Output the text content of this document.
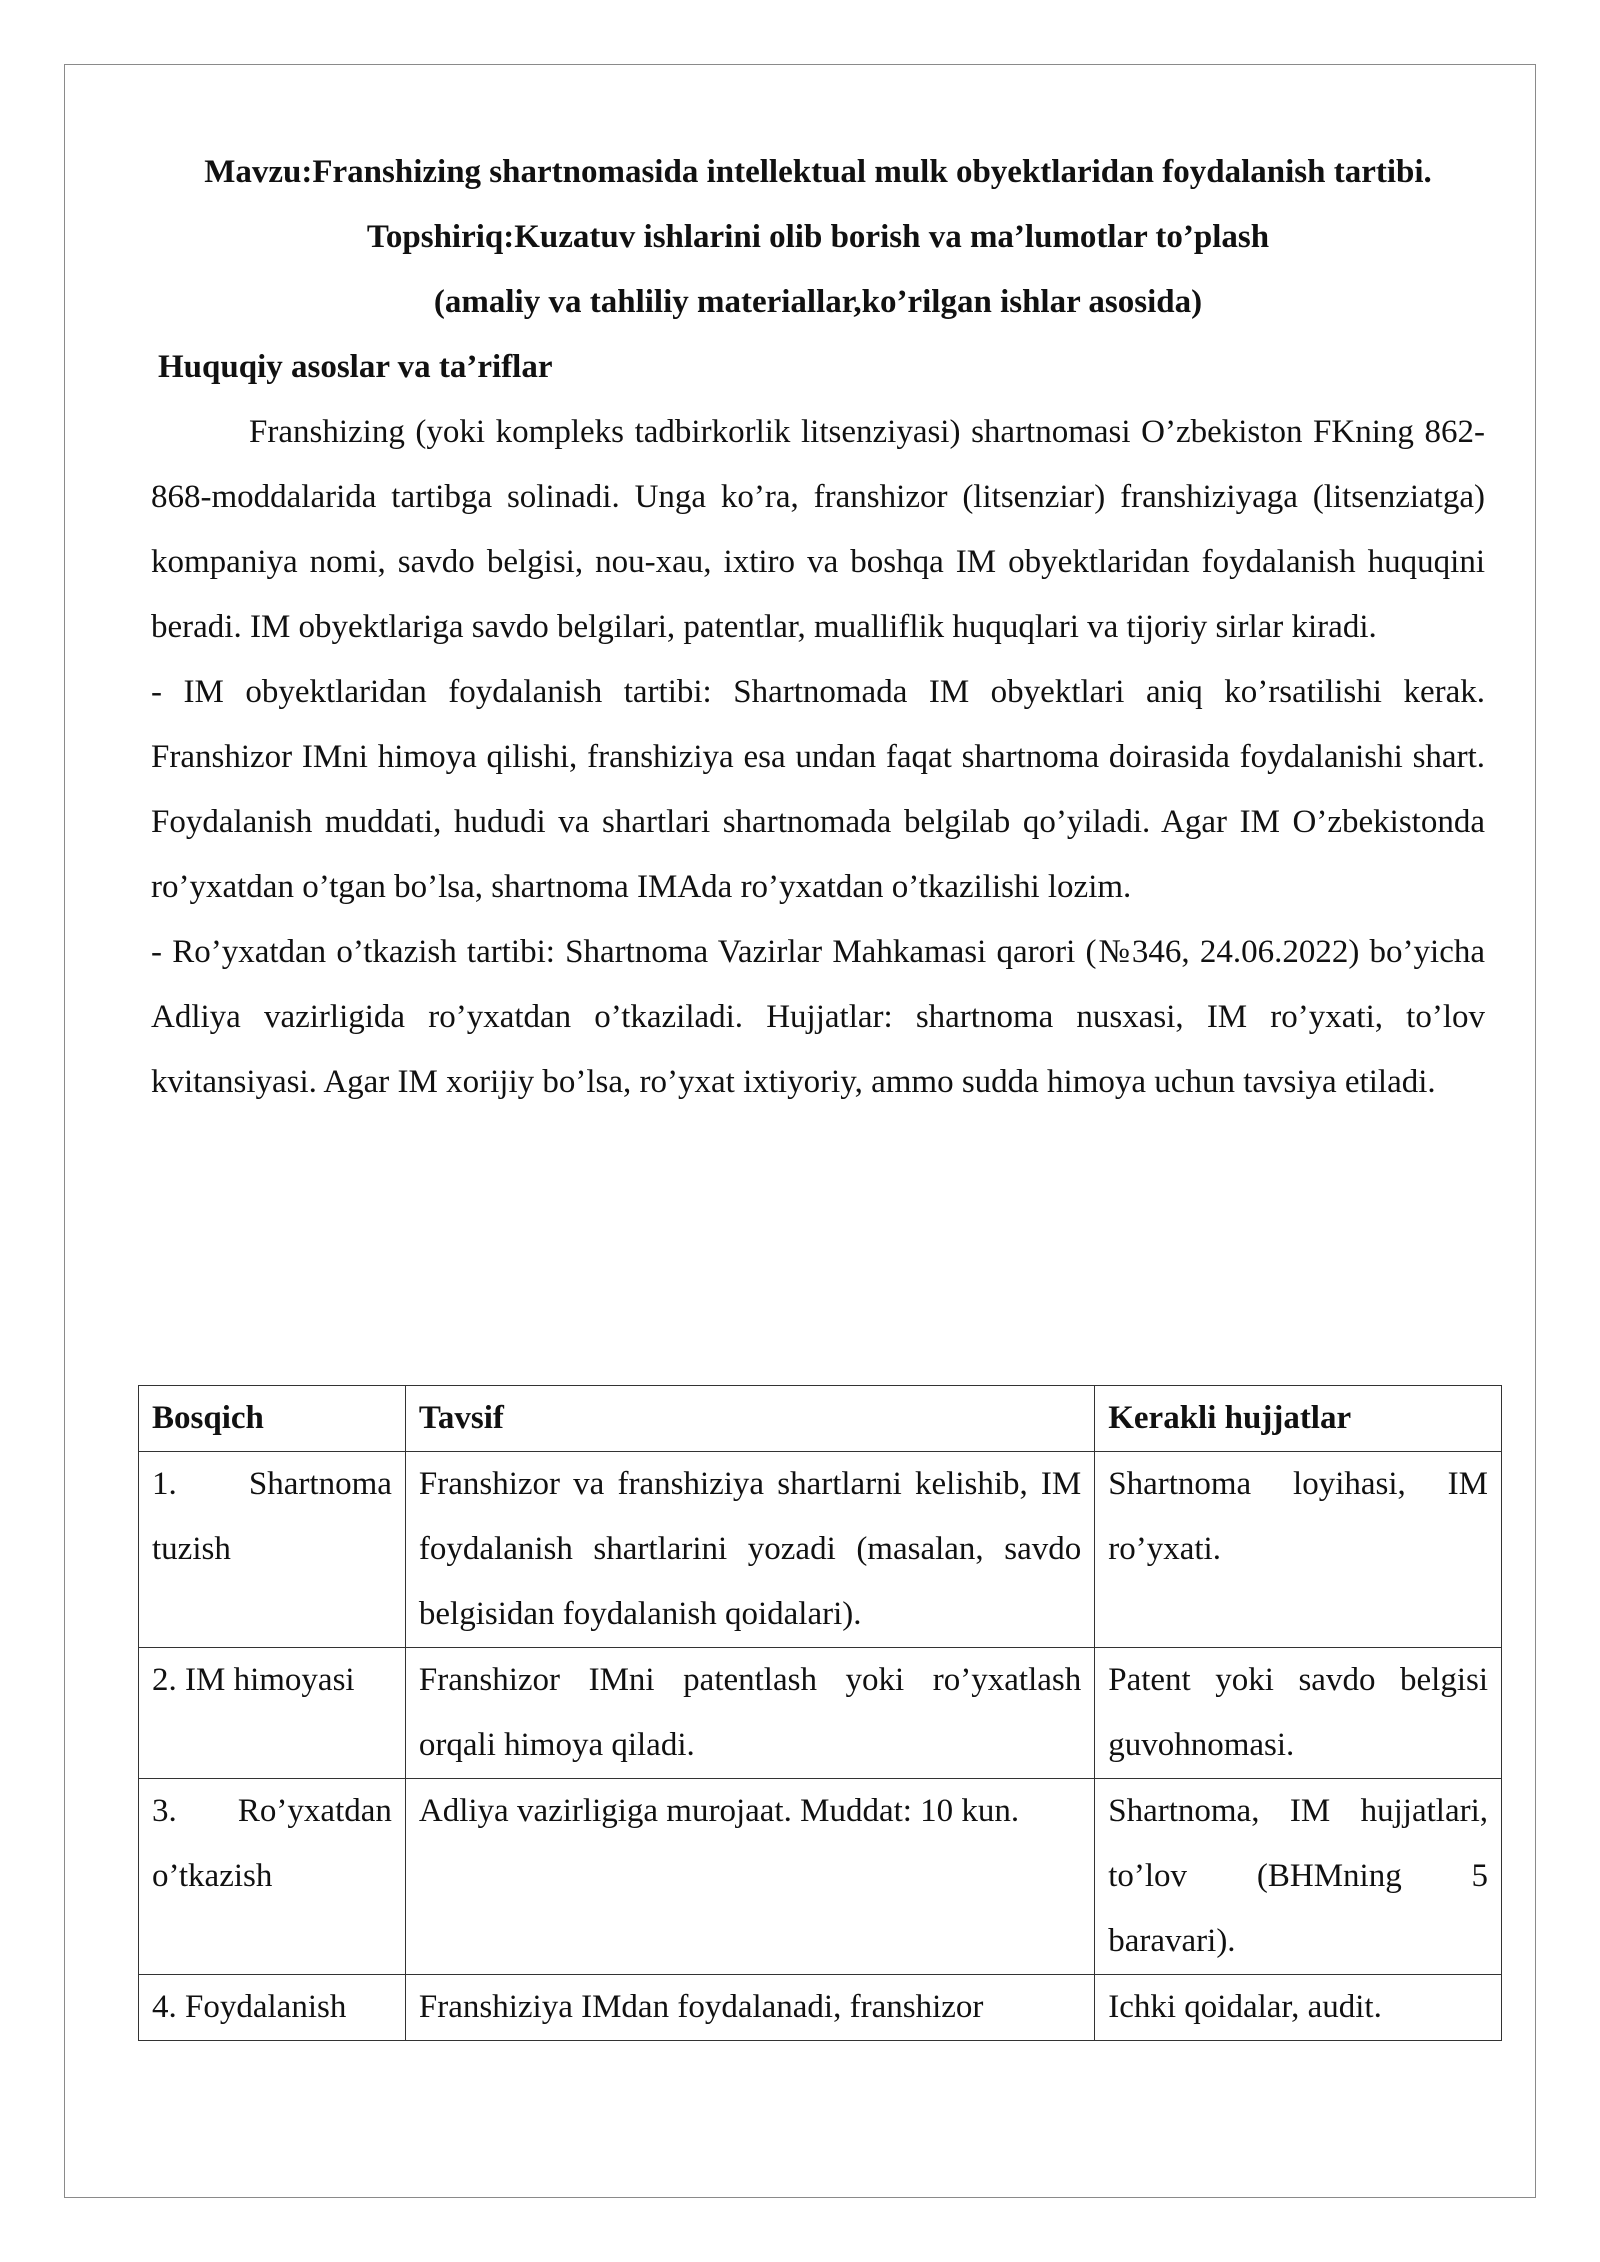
Mavzu:Franshizing shartnomasida intellektual mulk obyektlaridan foydalanish tartibi.

Topshiriq:Kuzatuv ishlarini olib borish va ma’lumotlar to’plash

(amaliy va tahliliy materiallar,ko’rilgan ishlar asosida)

Huquqiy asoslar va ta’riflar

Franshizing (yoki kompleks tadbirkorlik litsenziyasi) shartnomasi O’zbekiston FKning 862-868-moddalarida tartibga solinadi. Unga ko’ra, franshizor (litsenziar) franshiziyaga (litsenziatga) kompaniya nomi, savdo belgisi, nou-xau, ixtiro va boshqa IM obyektlaridan foydalanish huquqini beradi. IM obyektlariga savdo belgilari, patentlar, mualliflik huquqlari va tijoriy sirlar kiradi.

- IM obyektlaridan foydalanish tartibi: Shartnomada IM obyektlari aniq ko’rsatilishi kerak. Franshizor IMni himoya qilishi, franshiziya esa undan faqat shartnoma doirasida foydalanishi shart. Foydalanish muddati, hududi va shartlari shartnomada belgilab qo’yiladi. Agar IM O’zbekistonda ro’yxatdan o’tgan bo’lsa, shartnoma IMAda ro’yxatdan o’tkazilishi lozim.

- Ro’yxatdan o’tkazish tartibi: Shartnoma Vazirlar Mahkamasi qarori (№346, 24.06.2022) bo’yicha Adliya vazirligida ro’yxatdan o’tkaziladi. Hujjatlar: shartnoma nusxasi, IM ro’yxati, to’lov kvitansiyasi. Agar IM xorijiy bo’lsa, ro’yxat ixtiyoriy, ammo sudda himoya uchun tavsiya etiladi.

Bosqich	Tavsif	Kerakli hujjatlar
1. Shartnoma tuzish	Franshizor va franshiziya shartlarni kelishib, IM foydalanish shartlarini yozadi (masalan, savdo belgisidan foydalanish qoidalari).	Shartnoma loyihasi, IM ro’yxati.
2. IM himoyasi	Franshizor IMni patentlash yoki ro’yxatlash orqali himoya qiladi.	Patent yoki savdo belgisi guvohnomasi.
3. Ro’yxatdan o’tkazish	Adliya vazirligiga murojaat. Muddat: 10 kun.	Shartnoma, IM hujjatlari, to’lov (BHMning 5 baravari).
4. Foydalanish	Franshiziya IMdan foydalanadi, franshizor	Ichki qoidalar, audit.
